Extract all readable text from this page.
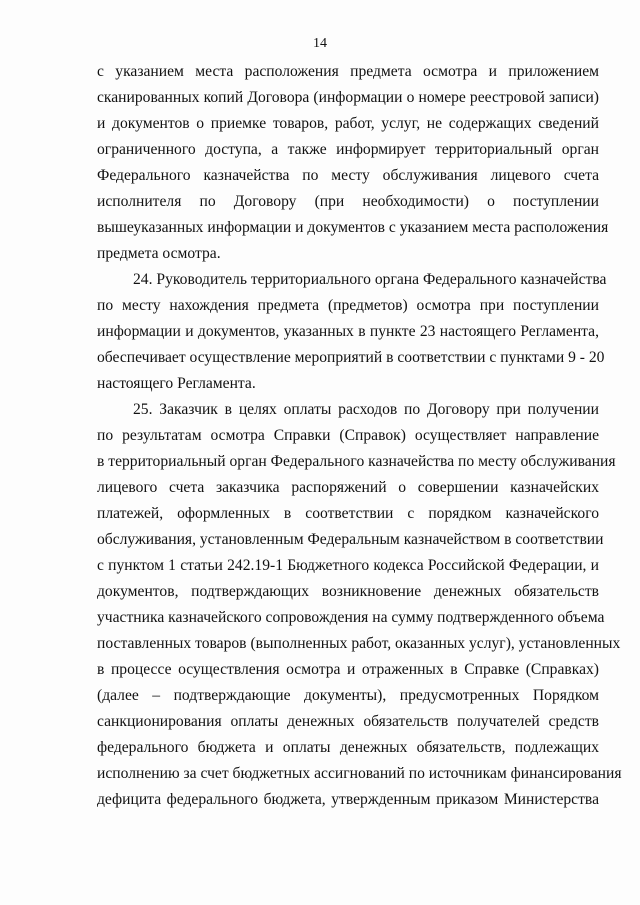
14
с указанием места расположения предмета осмотра и приложением
сканированных копий Договора (информации о номере реестровой записи)
и документов о приемке товаров, работ, услуг, не содержащих сведений
ограниченного доступа, а также информирует территориальный орган
Федерального казначейства по месту обслуживания лицевого счета
исполнителя по Договору (при необходимости) о поступлении
вышеуказанных информации и документов с указанием места расположения
предмета осмотра.
24. Руководитель территориального органа Федерального казначейства
по месту нахождения предмета (предметов) осмотра при поступлении
информации и документов, указанных в пункте 23 настоящего Регламента,
обеспечивает осуществление мероприятий в соответствии с пунктами 9 - 20
настоящего Регламента.
25. Заказчик в целях оплаты расходов по Договору при получении
по результатам осмотра Справки (Справок) осуществляет направление
в территориальный орган Федерального казначейства по месту обслуживания
лицевого счета заказчика распоряжений о совершении казначейских
платежей, оформленных в соответствии с порядком казначейского
обслуживания, установленным Федеральным казначейством в соответствии
с пунктом 1 статьи 242.19-1 Бюджетного кодекса Российской Федерации, и
документов, подтверждающих возникновение денежных обязательств
участника казначейского сопровождения на сумму подтвержденного объема
поставленных товаров (выполненных работ, оказанных услуг), установленных
в процессе осуществления осмотра и отраженных в Справке (Справках)
(далее – подтверждающие документы), предусмотренных Порядком
санкционирования оплаты денежных обязательств получателей средств
федерального бюджета и оплаты денежных обязательств, подлежащих
исполнению за счет бюджетных ассигнований по источникам финансирования
дефицита федерального бюджета, утвержденным приказом Министерства
